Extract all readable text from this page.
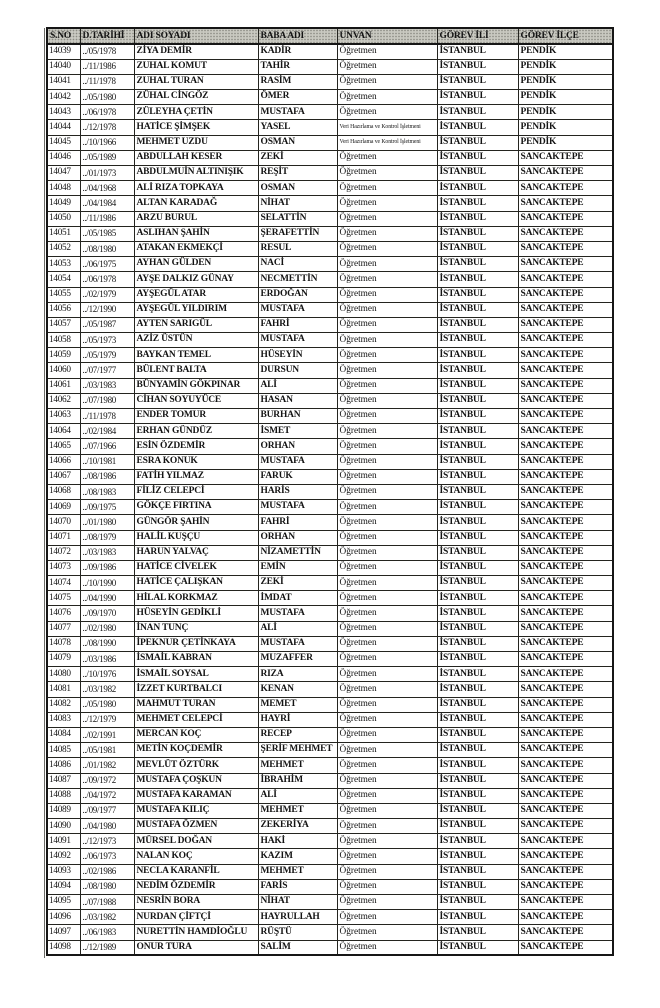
S.NO	D.TARİHİ	ADI SOYADI	BABA ADI	UNVAN	GÖREV İLİ	GÖREV İLÇE
14039	../05/1978	ZİYA DEMİR	KADİR	Öğretmen	İSTANBUL	PENDİK
14040	../11/1986	ZUHAL KOMUT	TAHİR	Öğretmen	İSTANBUL	PENDİK
14041	../11/1978	ZUHAL TURAN	RASİM	Öğretmen	İSTANBUL	PENDİK
14042	../05/1980	ZÜHAL CİNGÖZ	ÖMER	Öğretmen	İSTANBUL	PENDİK
14043	../06/1978	ZÜLEYHA ÇETİN	MUSTAFA	Öğretmen	İSTANBUL	PENDİK
14044	../12/1978	HATİCE ŞİMŞEK	YASEL	Veri Hazırlama ve Kontrol İşletmeni	İSTANBUL	PENDİK
14045	../10/1966	MEHMET UZDU	OSMAN	Veri Hazırlama ve Kontrol İşletmeni	İSTANBUL	PENDİK
14046	../05/1989	ABDULLAH KESER	ZEKİ	Öğretmen	İSTANBUL	SANCAKTEPE
14047	../01/1973	ABDULMUİN ALTINIŞIK	REŞİT	Öğretmen	İSTANBUL	SANCAKTEPE
14048	../04/1968	ALİ RIZA TOPKAYA	OSMAN	Öğretmen	İSTANBUL	SANCAKTEPE
14049	../04/1984	ALTAN KARADAĞ	NİHAT	Öğretmen	İSTANBUL	SANCAKTEPE
14050	../11/1986	ARZU BURUL	SELATTİN	Öğretmen	İSTANBUL	SANCAKTEPE
14051	../05/1985	ASLIHAN ŞAHİN	ŞERAFETTİN	Öğretmen	İSTANBUL	SANCAKTEPE
14052	../08/1980	ATAKAN EKMEKÇİ	RESUL	Öğretmen	İSTANBUL	SANCAKTEPE
14053	../06/1975	AYHAN GÜLDEN	NACİ	Öğretmen	İSTANBUL	SANCAKTEPE
14054	../06/1978	AYŞE DALKIZ GÜNAY	NECMETTİN	Öğretmen	İSTANBUL	SANCAKTEPE
14055	../02/1979	AYŞEGÜL ATAR	ERDOĞAN	Öğretmen	İSTANBUL	SANCAKTEPE
14056	../12/1990	AYŞEGÜL YILDIRIM	MUSTAFA	Öğretmen	İSTANBUL	SANCAKTEPE
14057	../05/1987	AYTEN SARIGÜL	FAHRİ	Öğretmen	İSTANBUL	SANCAKTEPE
14058	../05/1973	AZİZ ÜSTÜN	MUSTAFA	Öğretmen	İSTANBUL	SANCAKTEPE
14059	../05/1979	BAYKAN TEMEL	HÜSEYİN	Öğretmen	İSTANBUL	SANCAKTEPE
14060	../07/1977	BÜLENT BALTA	DURSUN	Öğretmen	İSTANBUL	SANCAKTEPE
14061	../03/1983	BÜNYAMİN GÖKPINAR	ALİ	Öğretmen	İSTANBUL	SANCAKTEPE
14062	../07/1980	CİHAN SOYUYÜCE	HASAN	Öğretmen	İSTANBUL	SANCAKTEPE
14063	../11/1978	ENDER TOMUR	BURHAN	Öğretmen	İSTANBUL	SANCAKTEPE
14064	../02/1984	ERHAN GÜNDÜZ	İSMET	Öğretmen	İSTANBUL	SANCAKTEPE
14065	../07/1966	ESİN ÖZDEMİR	ORHAN	Öğretmen	İSTANBUL	SANCAKTEPE
14066	../10/1981	ESRA KONUK	MUSTAFA	Öğretmen	İSTANBUL	SANCAKTEPE
14067	../08/1986	FATİH YILMAZ	FARUK	Öğretmen	İSTANBUL	SANCAKTEPE
14068	../08/1983	FİLİZ CELEPCİ	HARİS	Öğretmen	İSTANBUL	SANCAKTEPE
14069	../09/1975	GÖKÇE FIRTINA	MUSTAFA	Öğretmen	İSTANBUL	SANCAKTEPE
14070	../01/1980	GÜNGÖR ŞAHİN	FAHRİ	Öğretmen	İSTANBUL	SANCAKTEPE
14071	../08/1979	HALİL KUŞÇU	ORHAN	Öğretmen	İSTANBUL	SANCAKTEPE
14072	../03/1983	HARUN YALVAÇ	NİZAMETTİN	Öğretmen	İSTANBUL	SANCAKTEPE
14073	../09/1986	HATİCE CİVELEK	EMİN	Öğretmen	İSTANBUL	SANCAKTEPE
14074	../10/1990	HATİCE ÇALIŞKAN	ZEKİ	Öğretmen	İSTANBUL	SANCAKTEPE
14075	../04/1990	HİLAL KORKMAZ	İMDAT	Öğretmen	İSTANBUL	SANCAKTEPE
14076	../09/1970	HÜSEYİN GEDİKLİ	MUSTAFA	Öğretmen	İSTANBUL	SANCAKTEPE
14077	../02/1980	İNAN TUNÇ	ALİ	Öğretmen	İSTANBUL	SANCAKTEPE
14078	../08/1990	İPEKNUR ÇETİNKAYA	MUSTAFA	Öğretmen	İSTANBUL	SANCAKTEPE
14079	../03/1986	İSMAİL KABRAN	MUZAFFER	Öğretmen	İSTANBUL	SANCAKTEPE
14080	../10/1976	İSMAİL SOYSAL	RIZA	Öğretmen	İSTANBUL	SANCAKTEPE
14081	../03/1982	İZZET KURTBALCI	KENAN	Öğretmen	İSTANBUL	SANCAKTEPE
14082	../05/1980	MAHMUT TURAN	MEMET	Öğretmen	İSTANBUL	SANCAKTEPE
14083	../12/1979	MEHMET CELEPCİ	HAYRİ	Öğretmen	İSTANBUL	SANCAKTEPE
14084	../02/1991	MERCAN KOÇ	RECEP	Öğretmen	İSTANBUL	SANCAKTEPE
14085	../05/1981	METİN KOÇDEMİR	ŞERİF MEHMET	Öğretmen	İSTANBUL	SANCAKTEPE
14086	../01/1982	MEVLÜT ÖZTÜRK	MEHMET	Öğretmen	İSTANBUL	SANCAKTEPE
14087	../09/1972	MUSTAFA ÇOŞKUN	İBRAHİM	Öğretmen	İSTANBUL	SANCAKTEPE
14088	../04/1972	MUSTAFA KARAMAN	ALİ	Öğretmen	İSTANBUL	SANCAKTEPE
14089	../09/1977	MUSTAFA KILIÇ	MEHMET	Öğretmen	İSTANBUL	SANCAKTEPE
14090	../04/1980	MUSTAFA ÖZMEN	ZEKERİYA	Öğretmen	İSTANBUL	SANCAKTEPE
14091	../12/1973	MÜRSEL DOĞAN	HAKİ	Öğretmen	İSTANBUL	SANCAKTEPE
14092	../06/1973	NALAN KOÇ	KAZIM	Öğretmen	İSTANBUL	SANCAKTEPE
14093	../02/1986	NECLA KARANFİL	MEHMET	Öğretmen	İSTANBUL	SANCAKTEPE
14094	../08/1980	NEDİM ÖZDEMİR	FARİS	Öğretmen	İSTANBUL	SANCAKTEPE
14095	../07/1988	NESRİN BORA	NİHAT	Öğretmen	İSTANBUL	SANCAKTEPE
14096	../03/1982	NURDAN ÇİFTÇİ	HAYRULLAH	Öğretmen	İSTANBUL	SANCAKTEPE
14097	../06/1983	NURETTİN HAMDİOĞLU	RÜŞTÜ	Öğretmen	İSTANBUL	SANCAKTEPE
14098	../12/1989	ONUR TURA	SALİM	Öğretmen	İSTANBUL	SANCAKTEPE
